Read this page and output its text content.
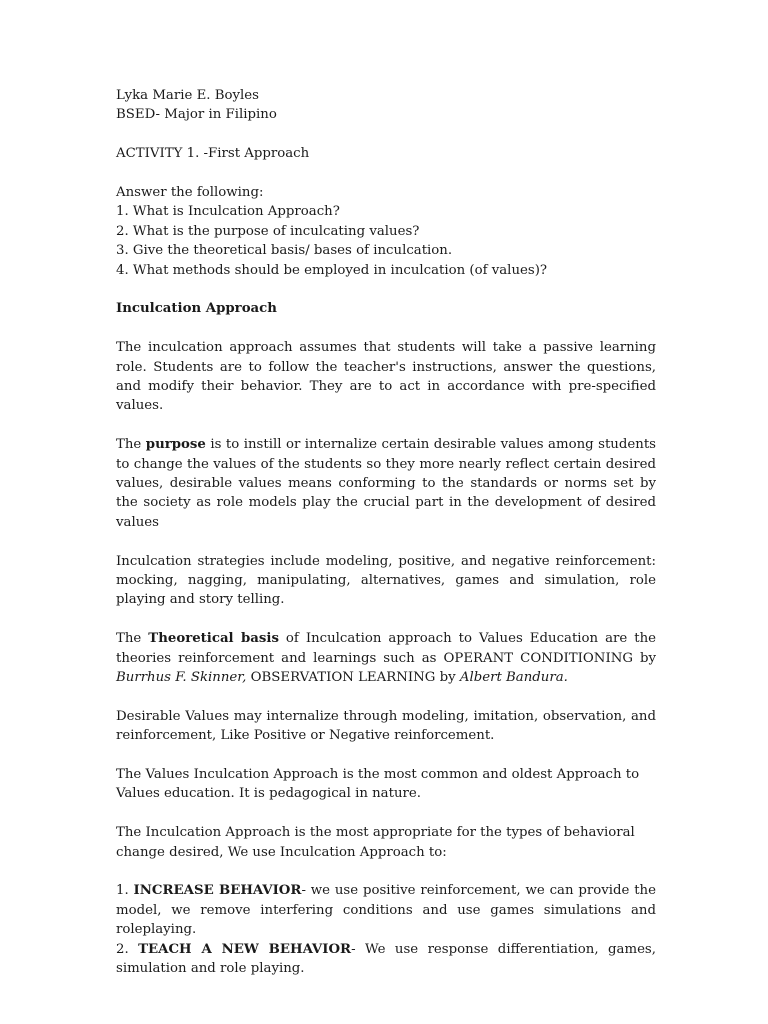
Lyka Marie E. Boyles

BSED- Major in Filipino

ACTIVITY 1. -First Approach

Answer the following:

1. What is Inculcation Approach?

2. What is the purpose of inculcating values?

3. Give the theoretical basis/ bases of inculcation.

4. What methods should be employed in inculcation (of values)?

Inculcation Approach

The inculcation approach assumes that students will take a passive learning role. Students are to follow the teacher's instructions, answer the questions, and modify their behavior. They are to act in accordance with pre-specified values.

The purpose is to instill or internalize certain desirable values among students to change the values of the students so they more nearly reflect certain desired values, desirable values means conforming to the standards or norms set by the society as role models play the crucial part in the development of desired values

Inculcation strategies include modeling, positive, and negative reinforcement: mocking, nagging, manipulating, alternatives, games and simulation, role playing and story telling.

The Theoretical basis of Inculcation approach to Values Education are the theories reinforcement and learnings such as OPERANT CONDITIONING by Burrhus F. Skinner, OBSERVATION LEARNING by Albert Bandura.

Desirable Values may internalize through modeling, imitation, observation, and reinforcement, Like Positive or Negative reinforcement.

The Values Inculcation Approach is the most common and oldest Approach to Values education. It is pedagogical in nature.

The Inculcation Approach is the most appropriate for the types of behavioral change desired, We use Inculcation Approach to:

1. INCREASE BEHAVIOR- we use positive reinforcement, we can provide the model, we remove interfering conditions and use games simulations and roleplaying.

2. TEACH A NEW BEHAVIOR- We use response differentiation, games, simulation and role playing.
